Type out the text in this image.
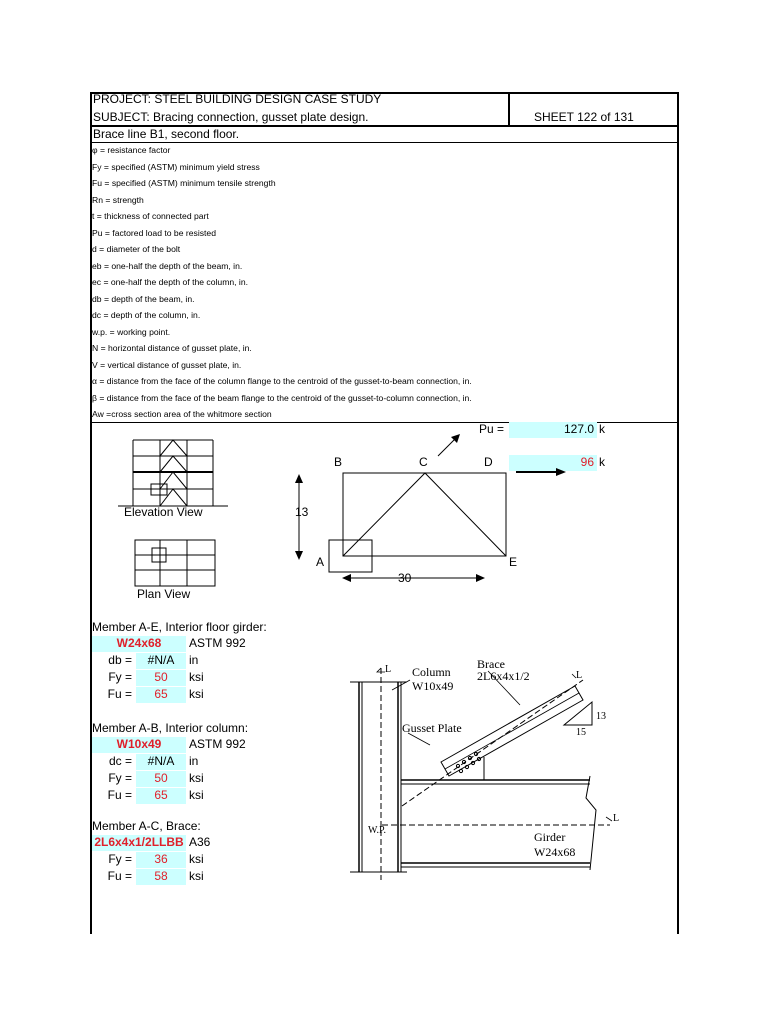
PROJECT: STEEL BUILDING DESIGN CASE STUDY
SUBJECT: Bracing connection, gusset plate design.	SHEET 122 of 131
Brace line B1, second floor.
φ = resistance factor
Fy = specified (ASTM) minimum yield stress
Fu = specified (ASTM) minimum tensile strength
Rn = strength
t = thickness of connected part
Pu = factored load to be resisted
d = diameter of the bolt
eb = one-half the depth of the beam, in.
ec = one-half the depth of the column, in.
db = depth of the beam, in.
dc = depth of the column, in.
w.p. = working point.
N = horizontal distance of gusset plate, in.
V = vertical distance of gusset plate, in.
α = distance from the face of the column flange to the centroid of the gusset-to-beam connection, in.
β = distance from the face of the beam flange to the centroid of the gusset-to-column connection, in.
Aw =cross section area of the whitmore section
Pu =	127.0 k
96 k
Elevation View
Plan View
B	C	D
A	E
13
30
Member A-E, Interior floor girder:
W24x68	ASTM 992
db =	#N/A	in
Fy =	50	ksi
Fu =	65	ksi
Member A-B, Interior column:
W10x49	ASTM 992
dc =	#N/A	in
Fy =	50	ksi
Fu =	65	ksi
Member A-C, Brace:
2L6x4x1/2LLBB A36
Fy =	36	ksi
Fu =	58	ksi
Column
W10x49
Brace
2L6x4x1/2
Gusset Plate
Girder
W24x68
W.P.
L
L
L
13
15
